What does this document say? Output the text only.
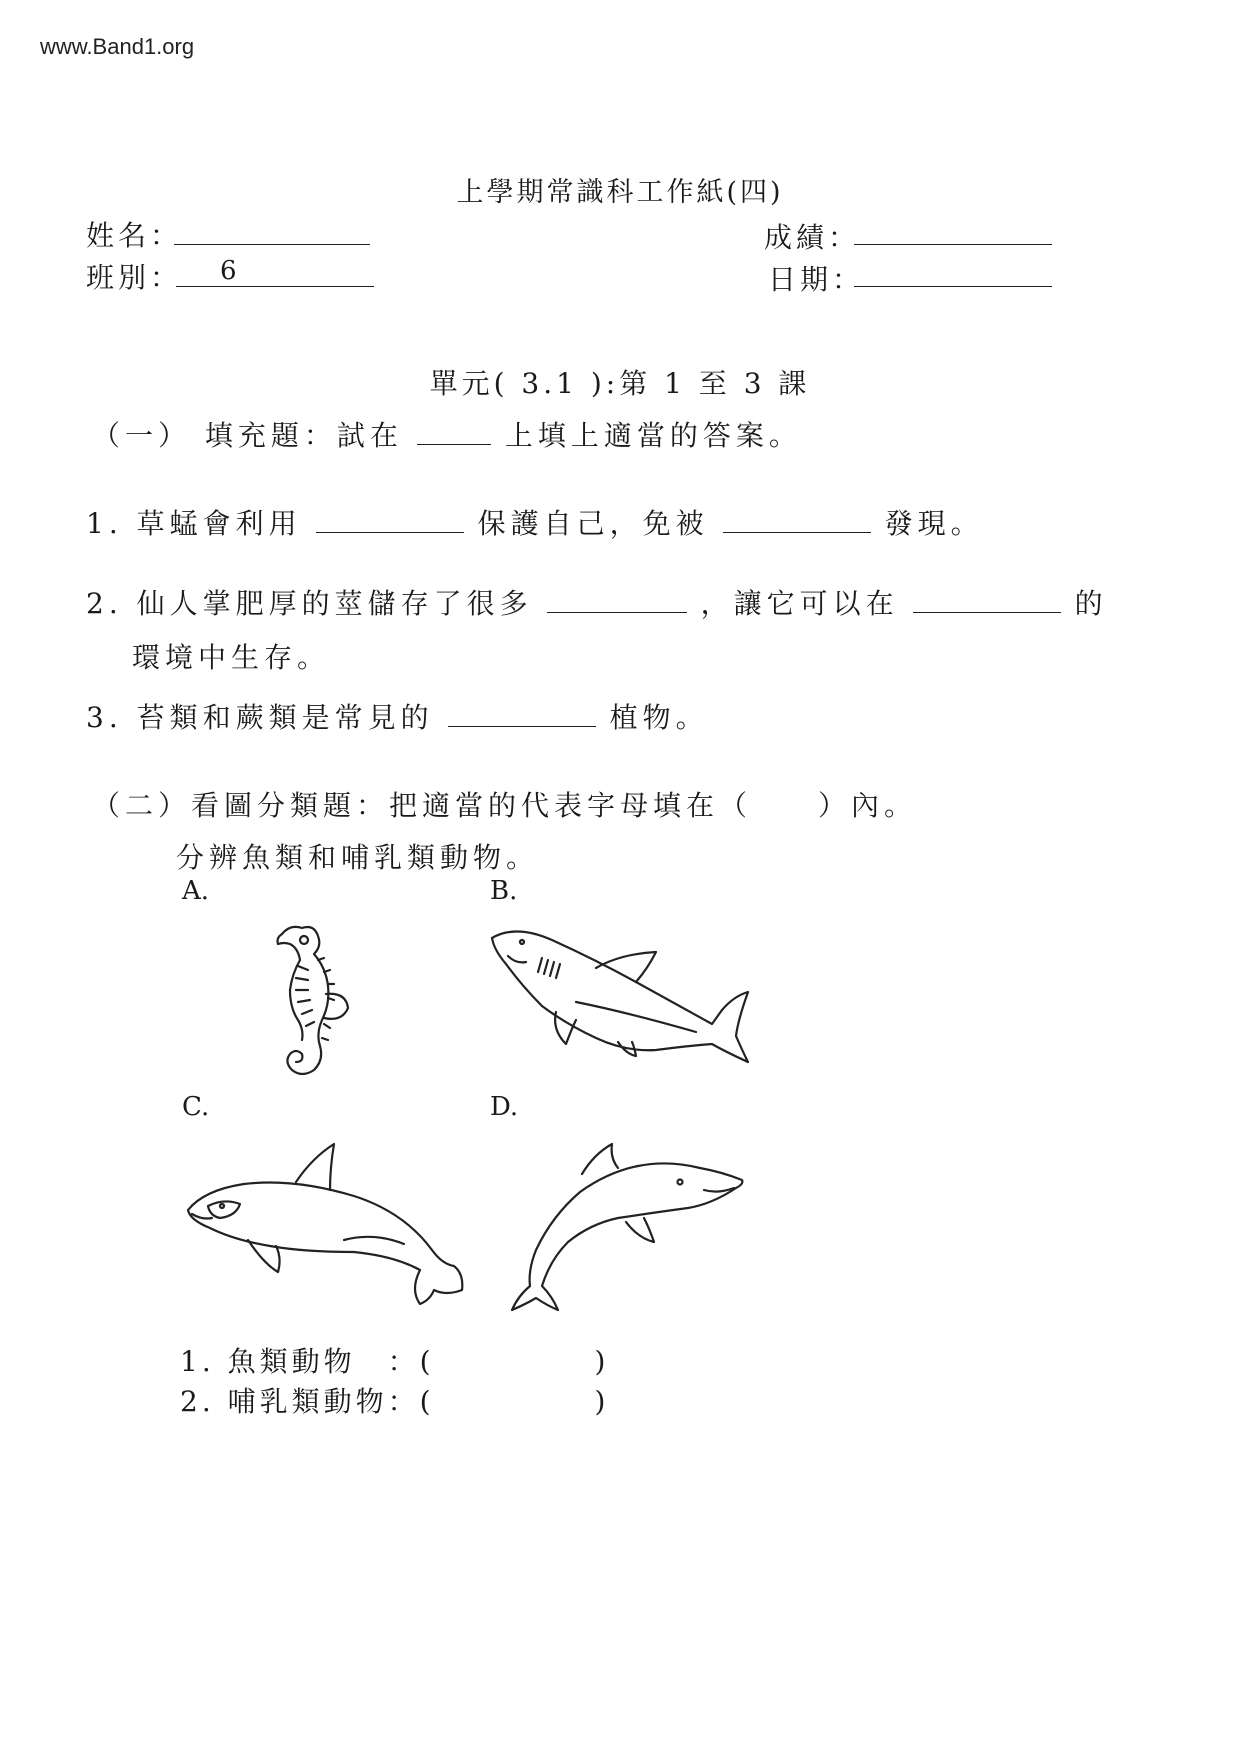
www.Band1.org
上學期常識科工作紙(四)
姓名：
班別： 6
成績：
日期：
單元( 3.1 ):第 1 至 3 課
（一） 填充題：試在	上填上適當的答案。
1. 草蜢會利用	保護自己，免被	發現。
2. 仙人掌肥厚的莖儲存了很多	，讓它可以在	的
環境中生存。
3. 苔類和蕨類是常見的	植物。
（二）看圖分類題：把適當的代表字母填在（　　）內。
分辨魚類和哺乳類動物。
A.	B.
C.	D.
1. 魚類動物　：(　　　　　)
2. 哺乳類動物：(　　　　　)
